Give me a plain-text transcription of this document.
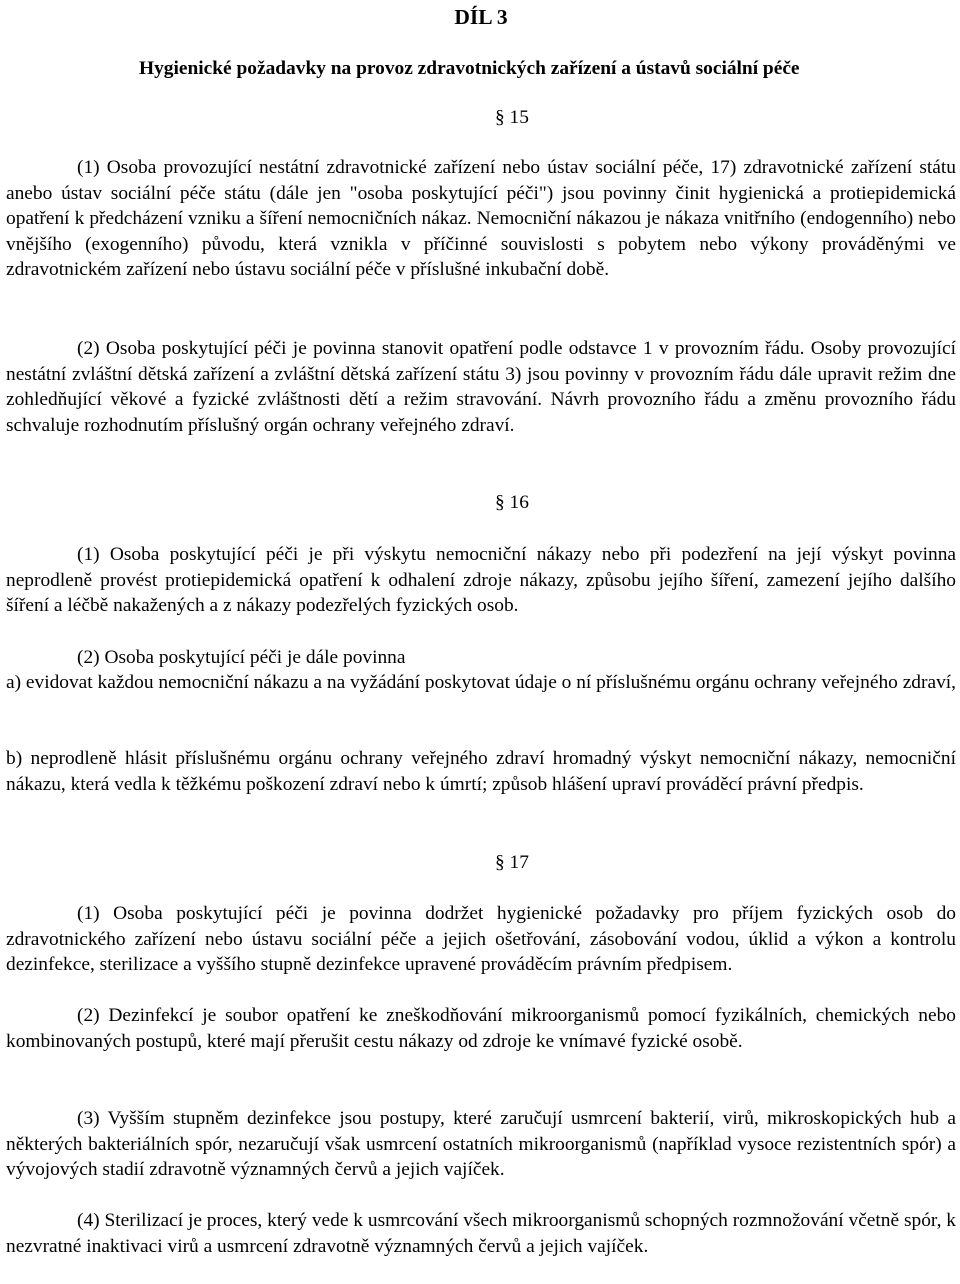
DÍL 3
Hygienické požadavky na provoz zdravotnických zařízení a ústavů sociální péče
§ 15

(1) Osoba provozující nestátní zdravotnické zařízení nebo ústav sociální péče, 17) zdravotnické zařízení státu anebo ústav sociální péče státu (dále jen "osoba poskytující péči") jsou povinny činit hygienická a protiepidemická opatření k předcházení vzniku a šíření nemocničních nákaz. Nemocniční nákazou je nákaza vnitřního (endogenního) nebo vnějšího (exogenního) původu, která vznikla v příčinné souvislosti s pobytem nebo výkony prováděnými ve zdravotnickém zařízení nebo ústavu sociální péče v příslušné inkubační době.

(2) Osoba poskytující péči je povinna stanovit opatření podle odstavce 1 v provozním řádu. Osoby provozující nestátní zvláštní dětská zařízení a zvláštní dětská zařízení státu 3) jsou povinny v provozním řádu dále upravit režim dne zohledňující věkové a fyzické zvláštnosti dětí a režim stravování. Návrh provozního řádu a změnu provozního řádu schvaluje rozhodnutím příslušný orgán ochrany veřejného zdraví.

§ 16

(1) Osoba poskytující péči je při výskytu nemocniční nákazy nebo při podezření na její výskyt povinna neprodleně provést protiepidemická opatření k odhalení zdroje nákazy, způsobu jejího šíření, zamezení jejího dalšího šíření a léčbě nakažených a z nákazy podezřelých fyzických osob.

(2) Osoba poskytující péči je dále povinna

a) evidovat každou nemocniční nákazu a na vyžádání poskytovat údaje o ní příslušnému orgánu ochrany veřejného zdraví,

b) neprodleně hlásit příslušnému orgánu ochrany veřejného zdraví hromadný výskyt nemocniční nákazy, nemocniční nákazu, která vedla k těžkému poškození zdraví nebo k úmrtí; způsob hlášení upraví prováděcí právní předpis.

§ 17

(1) Osoba poskytující péči je povinna dodržet hygienické požadavky pro příjem fyzických osob do zdravotnického zařízení nebo ústavu sociální péče a jejich ošetřování, zásobování vodou, úklid a výkon a kontrolu dezinfekce, sterilizace a vyššího stupně dezinfekce upravené prováděcím právním předpisem.

(2) Dezinfekcí je soubor opatření ke zneškodňování mikroorganismů pomocí fyzikálních, chemických nebo kombinovaných postupů, které mají přerušit cestu nákazy od zdroje ke vnímavé fyzické osobě.

(3) Vyšším stupněm dezinfekce jsou postupy, které zaručují usmrcení bakterií, virů, mikroskopických hub a některých bakteriálních spór, nezaručují však usmrcení ostatních mikroorganismů (například vysoce rezistentních spór) a vývojových stadií zdravotně významných červů a jejich vajíček.

(4) Sterilizací je proces, který vede k usmrcování všech mikroorganismů schopných rozmnožování včetně spór, k nezvratné inaktivaci virů a usmrcení zdravotně významných červů a jejich vajíček.
